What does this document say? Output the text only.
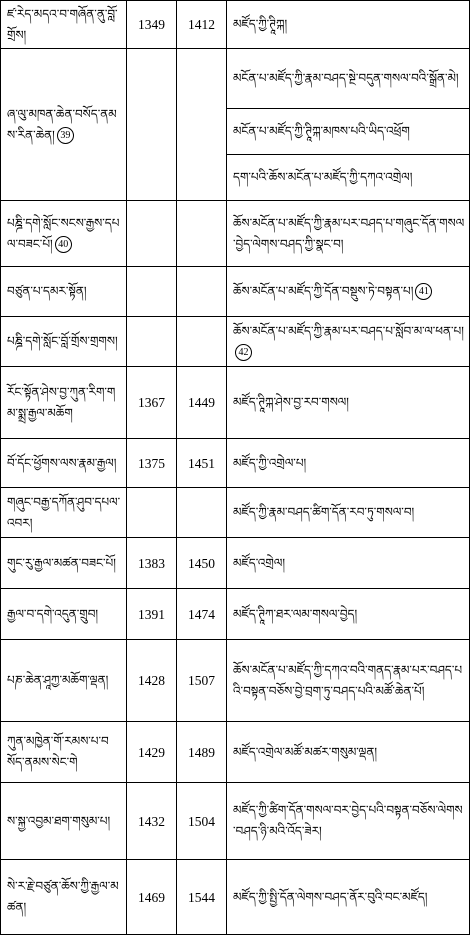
ཛ་ཪེད་མདའ་བ་གཞོན་ནུ་བློ་གྲོས།	1349	1412	མཛོད་ཀྱི་ཊཱིཀྐ།
ཞ་ལུ་མཁན་ཆེན་བསོད་ནམས་རིན་ཆེན། 39			མངོན་པ་མཛོད་ཀྱི་རྣམ་བཤད་སྔེ་བདུན་གསལ་བའི་སྒྲོན་མེ།
			མངོན་པ་མཛོད་ཀྱི་ཊཱིཀྐ་མཁས་པའི་ཡིད་འཕྲོག
			དག་པའི་ཆོས་མངོན་པ་མཛོད་ཀྱི་དཀའ་འགྲེལ།
པཎྜི་དགེ་སློང་སངས་རྒྱས་དཔལ་བཟང་པོ། 40			ཆོས་མངོན་པ་མཛོད་ཀྱི་རྣམ་པར་བཤད་པ་གཞུང་དོན་གསལ་བྱེད་ལེགས་བཤད་ཀྱི་སྣང་བ།
བཙུན་པ་དམར་སྟོན།			ཆོས་མངོན་པ་མཛོད་ཀྱི་དོན་བསྡུས་ཏེ་བསྟན་པ། 41
པཎྜི་དགེ་སློང་བློ་གྲོས་གྲགས།			ཆོས་མངོན་པ་མཛོད་ཀྱི་རྣམ་པར་བཤད་པ་སློབ་མ་ལ་ཕན་པ།42
རོང་སྟོན་ཤེས་བྱ་ཀུན་རིག་གམ་སྨྲ་རྒྱལ་མཆོག	1367	1449	མཛོད་ཊཱིཀྐ་ཤེས་བྱ་རབ་གསལ།
བོ་དོང་ཕྱོགས་ལས་རྣམ་རྒྱལ།	1375	1451	མཛོད་ཀྱི་འགྲེལ་པ།
གཞུང་བརྒྱ་དཀོན་ཤུབ་དཔལ་འབར།			མཛོད་ཀྱི་རྣམ་བཤད་ཚིག་དོན་རབ་ཏུ་གསལ་བ།
གུང་རུ་རྒྱལ་མཚན་བཟང་པོ།	1383	1450	མཛོད་འགྲེལ།
རྒྱལ་བ་དགེ་འདུན་གྲུབ།	1391	1474	མཛོད་ཊཱིཀ་ཐར་ལམ་གསལ་བྱེད།
པཎ་ཆེན་ཤཱཀྱ་མཆོག་ལྡན།	1428	1507	ཆོས་མངོན་པ་མཛོད་ཀྱི་དཀའ་བའི་གནད་རྣམ་པར་བཤད་པའི་བསྟན་བཅོས་བྱེ་བྲག་ཏུ་བཤད་པའི་མཚོ་ཆེན་པོ།
ཀུན་མཁྱེན་གོ་རམས་པ་བསོད་ནམས་སེང་གེ	1429	1489	མཛོད་འགྲེལ་མཚོ་མཚར་གསུམ་ལྡན།
ས་སྐྱ་འབྱམ་ཐག་གསུམ་པ།	1432	1504	མཛོད་ཀྱི་ཚིག་དོན་གསལ་བར་བྱེད་པའི་བསྟན་བཅོས་ལེགས་བཤད་ཉི་མའི་འོད་ཟེར།
སེ་ར་རྗེ་བཙུན་ཆོས་ཀྱི་རྒྱལ་མཚན།	1469	1544	མཛོད་ཀྱི་སྤྱི་དོན་ལེགས་བཤད་ནོར་བུའི་བང་མཛོད།
